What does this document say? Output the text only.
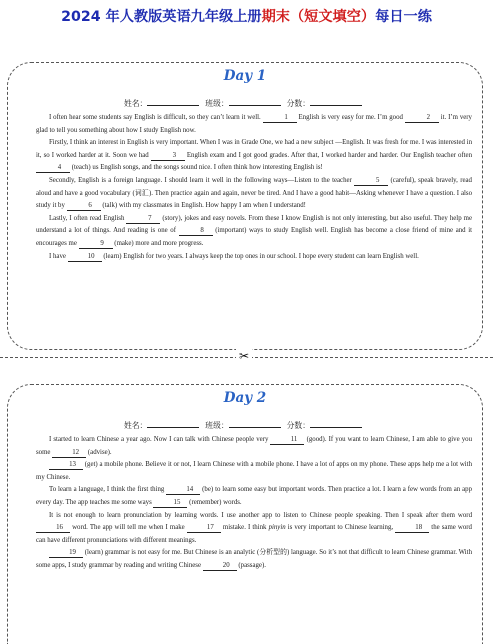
2024 年人教版英语九年级上册期末（短文填空）每日一练
Day 1
姓名：	班级：	分数：

I often hear some students say English is difficult, so they can’t learn it well.	1 English is very easy for me. I’m good	2 it. I’m very glad to tell you something about how I study English now.

Firstly, I think an interest in English is very important. When I was in Grade One, we had a new subject —English. It was fresh for me. I was interested in it, so I worked harder at it. Soon we had	3 English exam and I got good grades. After that, I worked harder and harder. Our English teacher often 4 (teach) us English songs, and the songs sound nice. I often think how interesting English is!

Secondly, English is a foreign language. I should learn it well in the following ways—Listen to the teacher	5 (careful), speak bravely, read aloud and have a good vocabulary (词汇). Then practice again and again, never be tired. And I have a good habit—Asking whenever I have a question. I also study it by	6 (talk) with my classmates in English. How happy I am when I understand!

Lastly, I often read English	7 (story), jokes and easy novels. From these I know English is not only interesting, but also useful. They help me understand a lot of things. And reading is one of	8 (important) ways to study English well. English has become a close friend of mine and it encourages me	9 (make) more and more progress.

I have	10 (learn) English for two years. I always keep the top ones in our school. I hope every student can learn English well.

✂
Day 2
姓名：	班级：	分数：

I started to learn Chinese a year ago. Now I can talk with Chinese people very	11 (good). If you want to learn Chinese, I am able to give you some	12 (advise).

13 (get) a mobile phone. Believe it or not, I learn Chinese with a mobile phone. I have a lot of apps on my phone. These apps help me a lot with my Chinese.

To learn a language, I think the first thing	14 (be) to learn some easy but important words. Then practice a lot. I learn a few words from an app every day. The app teaches me some ways	15 (remember) words.

It is not enough to learn pronunciation by learning words. I use another app to listen to Chinese people speaking. Then I speak after them word 16 word. The app will tell me when I make	17 mistake. I think pinyin is very important to Chinese learning,	18 the same word can have different pronunciations with different meanings.

19 (learn) grammar is not easy for me. But Chinese is an analytic (分析型的) language. So it’s not that difficult to learn Chinese grammar. With some apps, I study grammar by reading and writing Chinese	20 (passage).
